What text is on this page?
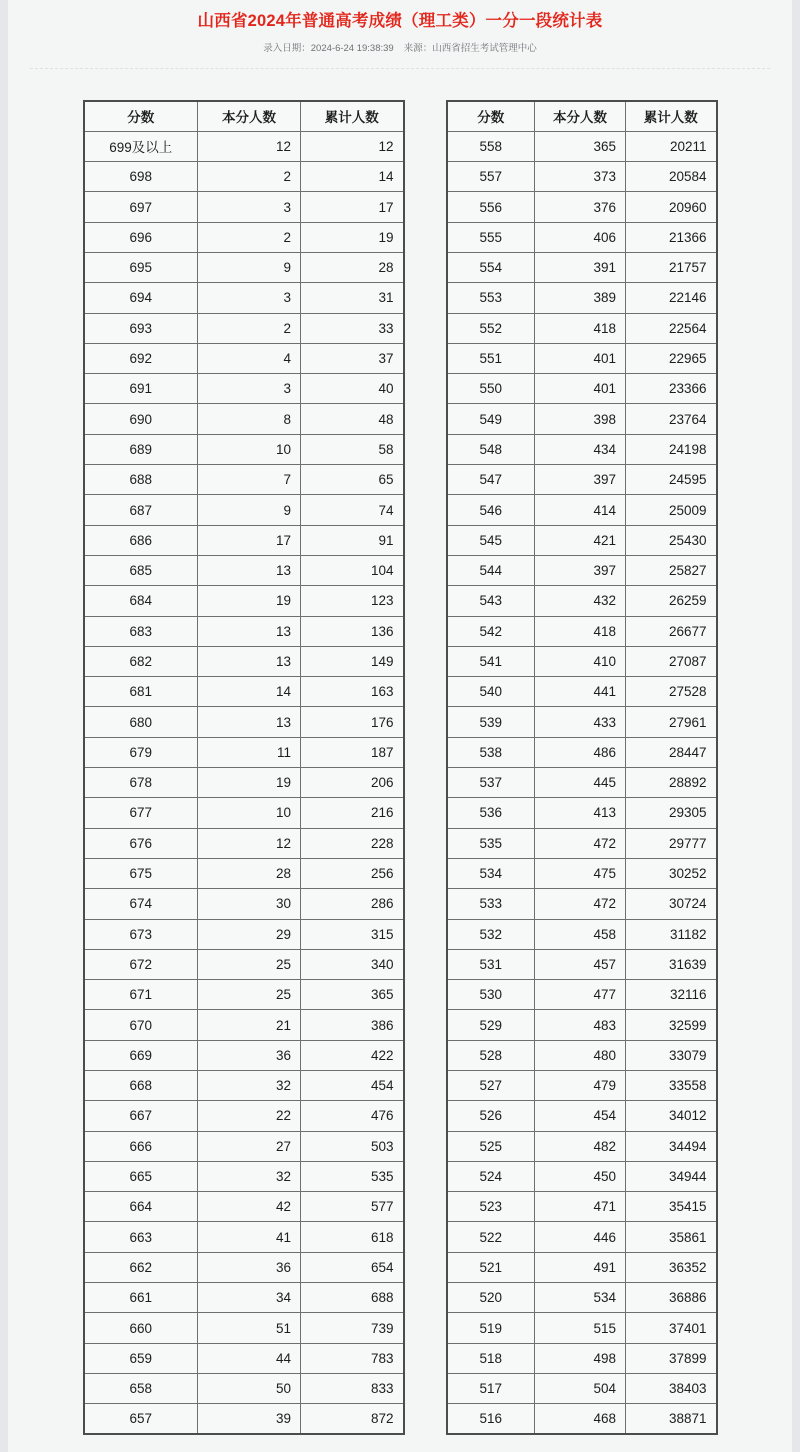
山西省2024年普通高考成绩（理工类）一分一段统计表

录入日期：2024-6-24 19:38:39 来源：山西省招生考试管理中心

分数	本分人数	累计人数
699及以上	12	12
698	2	14
697	3	17
696	2	19
695	9	28
694	3	31
693	2	33
692	4	37
691	3	40
690	8	48
689	10	58
688	7	65
687	9	74
686	17	91
685	13	104
684	19	123
683	13	136
682	13	149
681	14	163
680	13	176
679	11	187
678	19	206
677	10	216
676	12	228
675	28	256
674	30	286
673	29	315
672	25	340
671	25	365
670	21	386
669	36	422
668	32	454
667	22	476
666	27	503
665	32	535
664	42	577
663	41	618
662	36	654
661	34	688
660	51	739
659	44	783
658	50	833
657	39	872
分数	本分人数	累计人数
558	365	20211
557	373	20584
556	376	20960
555	406	21366
554	391	21757
553	389	22146
552	418	22564
551	401	22965
550	401	23366
549	398	23764
548	434	24198
547	397	24595
546	414	25009
545	421	25430
544	397	25827
543	432	26259
542	418	26677
541	410	27087
540	441	27528
539	433	27961
538	486	28447
537	445	28892
536	413	29305
535	472	29777
534	475	30252
533	472	30724
532	458	31182
531	457	31639
530	477	32116
529	483	32599
528	480	33079
527	479	33558
526	454	34012
525	482	34494
524	450	34944
523	471	35415
522	446	35861
521	491	36352
520	534	36886
519	515	37401
518	498	37899
517	504	38403
516	468	38871
